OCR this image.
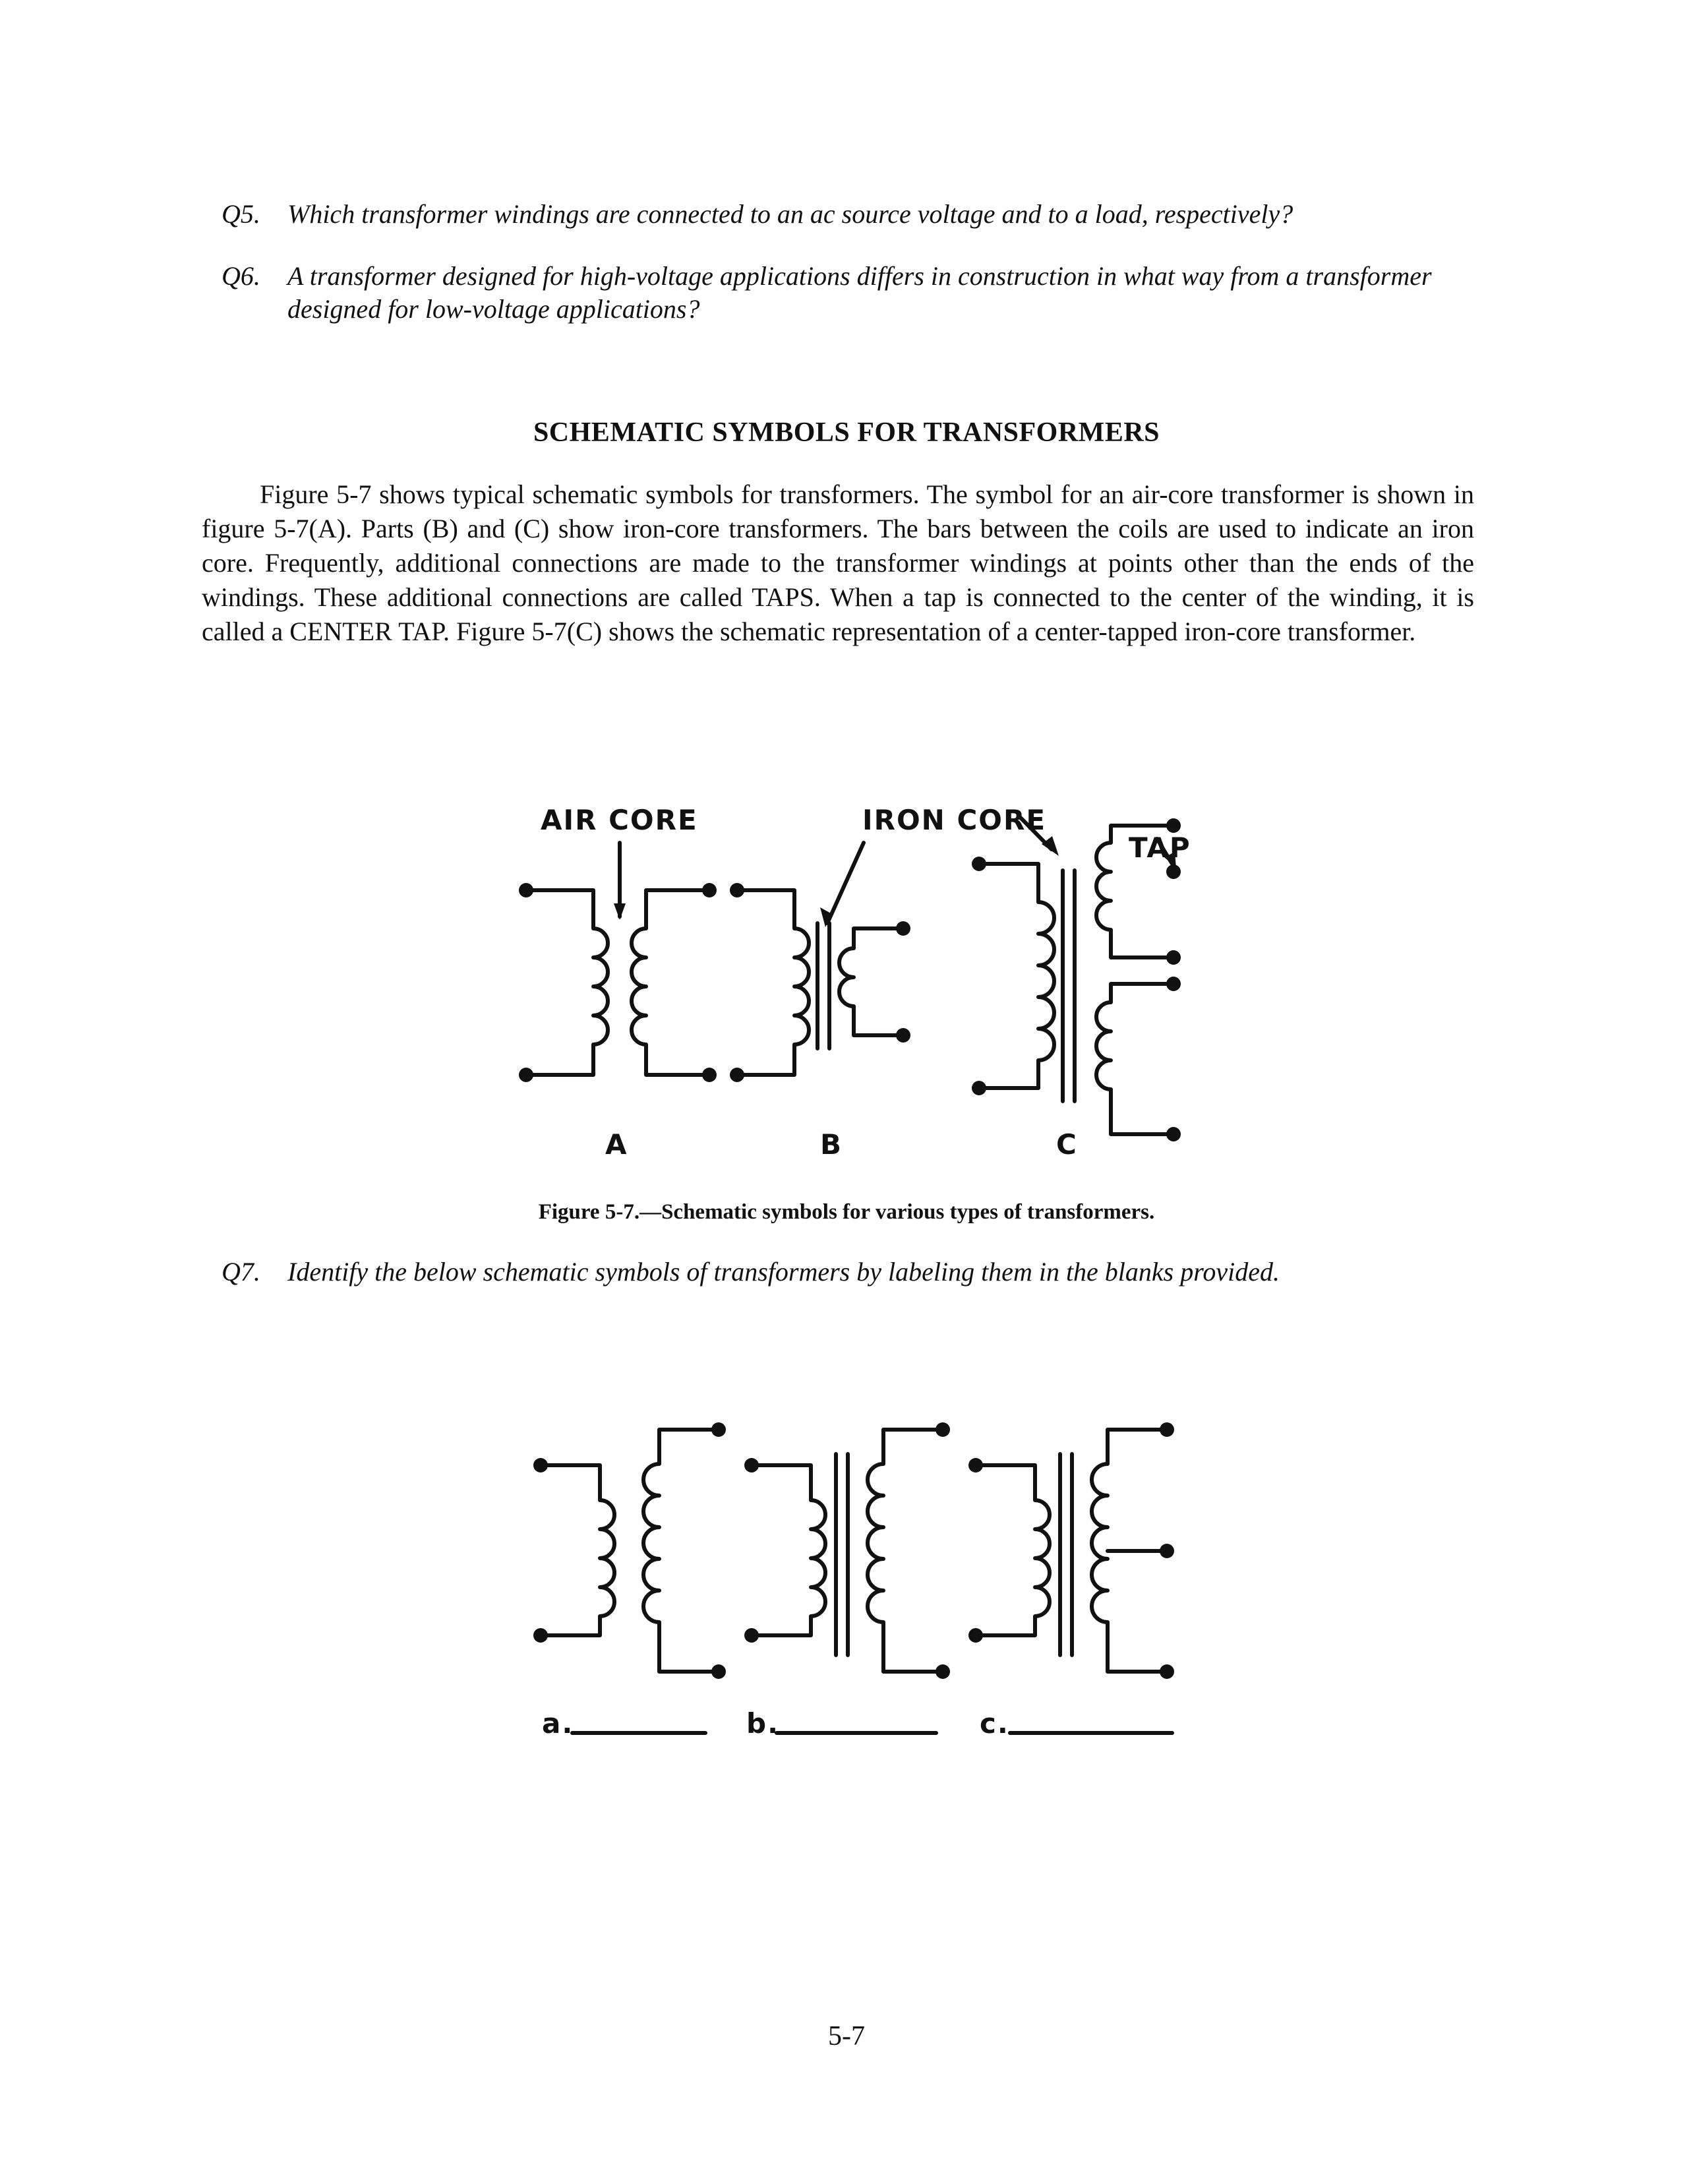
Q5. Which transformer windings are connected to an ac source voltage and to a load, respectively?
Q6. A transformer designed for high-voltage applications differs in construction in what way from a transformer designed for low-voltage applications?
SCHEMATIC SYMBOLS FOR TRANSFORMERS
Figure 5-7 shows typical schematic symbols for transformers. The symbol for an air-core transformer is shown in figure 5-7(A). Parts (B) and (C) show iron-core transformers. The bars between the coils are used to indicate an iron core. Frequently, additional connections are made to the transformer windings at points other than the ends of the windings. These additional connections are called TAPS. When a tap is connected to the center of the winding, it is called a CENTER TAP. Figure 5-7(C) shows the schematic representation of a center-tapped iron-core transformer.
AIR CORE	IRON CORE
TAP
A	B	C
Figure 5-7.—Schematic symbols for various types of transformers.
Q7. Identify the below schematic symbols of transformers by labeling them in the blanks provided.
a.	b.	c.
5-7
